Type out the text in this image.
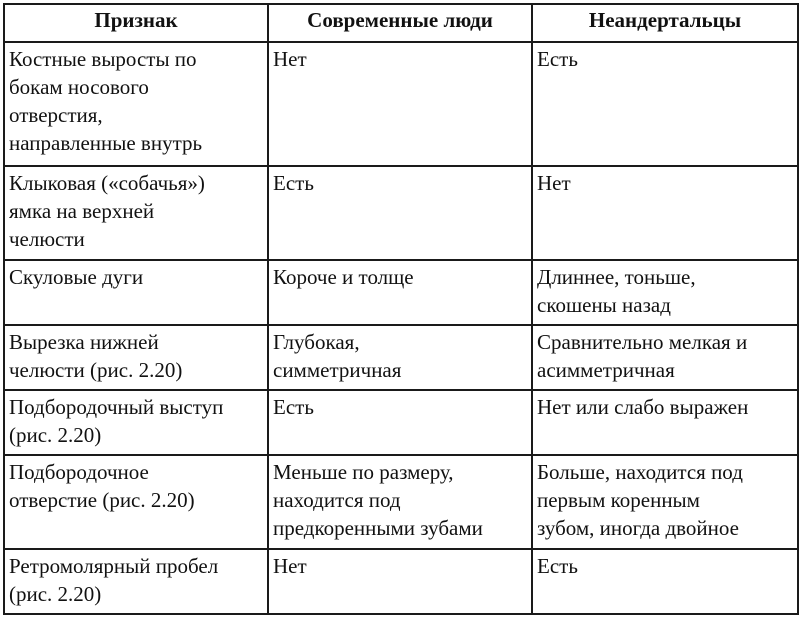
Признак	Современные люди	Неандертальцы

Костные выросты по
бокам носового
отверстия,
направленные внутрь	Нет	Есть

Клыковая («собачья»)
ямка на верхней
челюсти	Есть	Нет

Скуловые дуги	Короче и толще	Длиннее, тоньше,
скошены назад

Вырезка нижней
челюсти (рис. 2.20)	Глубокая,
симметричная	Сравнительно мелкая и
асимметричная

Подбородочный выступ
(рис. 2.20)	Есть	Нет или слабо выражен

Подбородочное
отверстие (рис. 2.20)	Меньше по размеру,
находится под
предкоренными зубами	Больше, находится под
первым коренным
зубом, иногда двойное

Ретромолярный пробел
(рис. 2.20)	Нет	Есть
